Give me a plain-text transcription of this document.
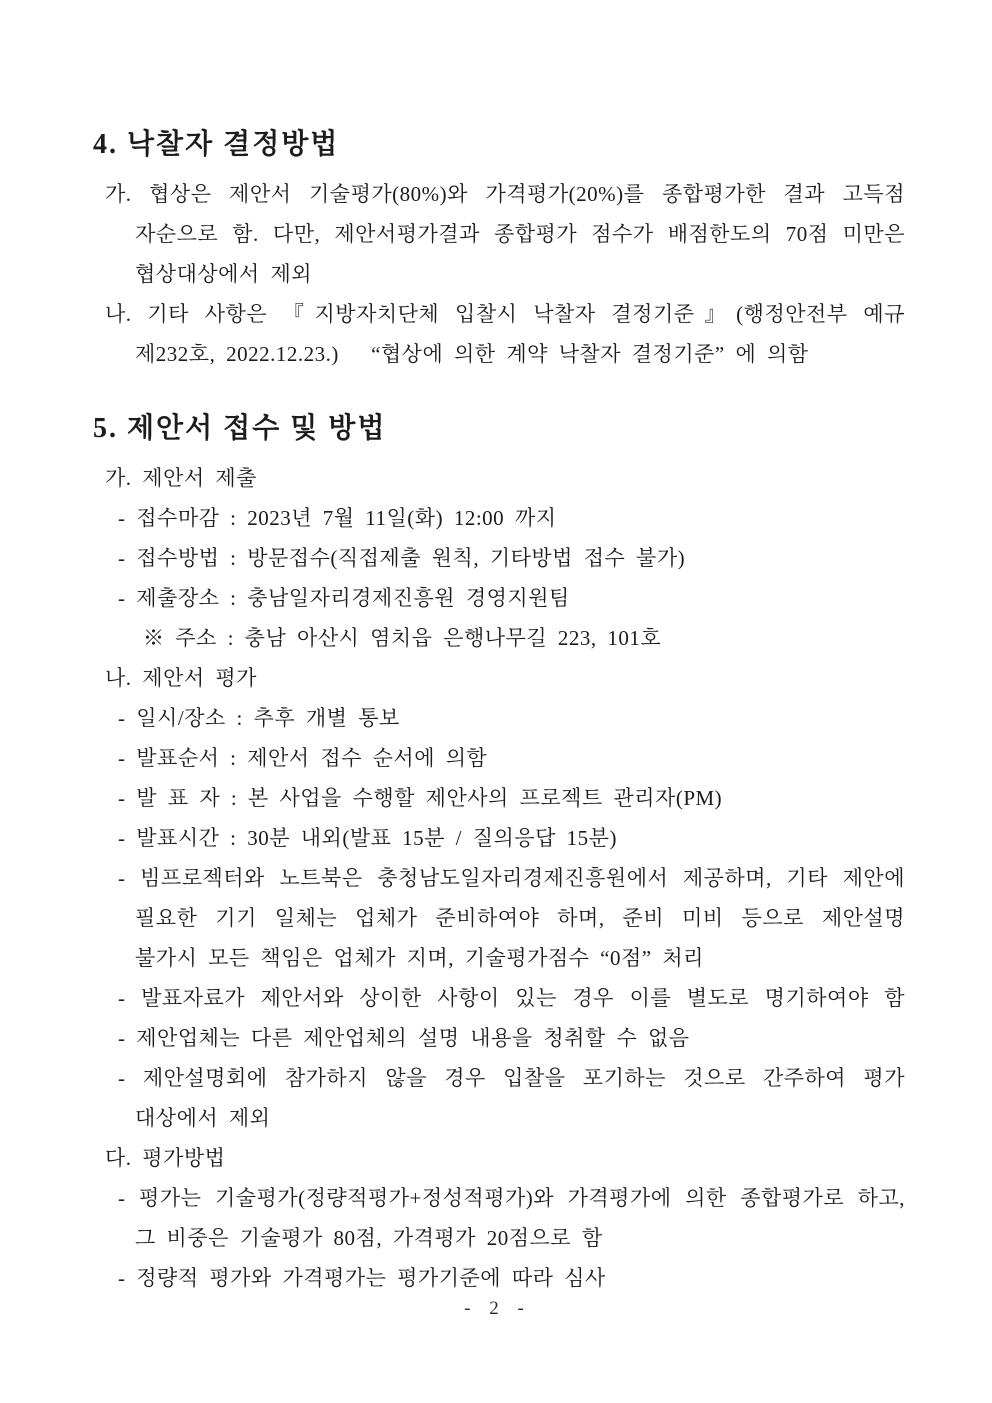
4. 낙찰자 결정방법
가. 협상은 제안서 기술평가(80%)와 가격평가(20%)를 종합평가한 결과 고득점
자순으로 함. 다만, 제안서평가결과 종합평가 점수가 배점한도의 70점 미만은
협상대상에서 제외
나. 기타 사항은 『지방자치단체 입찰시 낙찰자 결정기준』(행정안전부 예규
제232호, 2022.12.23.)   “협상에 의한 계약 낙찰자 결정기준” 에 의함
5. 제안서 접수 및 방법
가. 제안서 제출
- 접수마감 : 2023년 7월 11일(화) 12:00 까지
- 접수방법 : 방문접수(직접제출 원칙, 기타방법 접수 불가)
- 제출장소 : 충남일자리경제진흥원 경영지원팀
※ 주소 : 충남 아산시 염치읍 은행나무길 223, 101호
나. 제안서 평가
- 일시/장소 : 추후 개별 통보
- 발표순서 : 제안서 접수 순서에 의함
- 발 표 자 : 본 사업을 수행할 제안사의 프로젝트 관리자(PM)
- 발표시간 : 30분 내외(발표 15분 / 질의응답 15분)
- 빔프로젝터와 노트북은 충청남도일자리경제진흥원에서 제공하며, 기타 제안에
필요한 기기 일체는 업체가 준비하여야 하며, 준비 미비 등으로 제안설명
불가시 모든 책임은 업체가 지며, 기술평가점수 “0점” 처리
- 발표자료가 제안서와 상이한 사항이 있는 경우 이를 별도로 명기하여야 함
- 제안업체는 다른 제안업체의 설명 내용을 청취할 수 없음
- 제안설명회에 참가하지 않을 경우 입찰을 포기하는 것으로 간주하여 평가
대상에서 제외
다. 평가방법
- 평가는 기술평가(정량적평가+정성적평가)와 가격평가에 의한 종합평가로 하고,
그 비중은 기술평가 80점, 가격평가 20점으로 함
- 정량적 평가와 가격평가는 평가기준에 따라 심사
- 2 -
